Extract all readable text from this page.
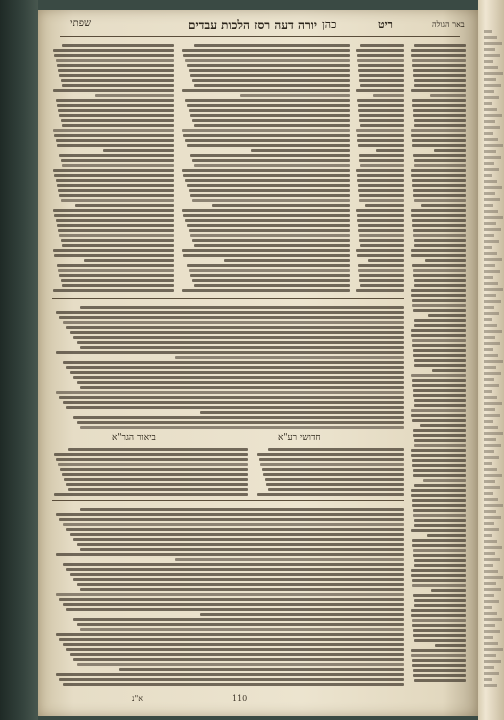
שפתי	יורה דעה רסז הלכות עבדים כהן	ריט	באר הגולה
ביאור הגר"א	חדושי רע"א
א"נ	110
